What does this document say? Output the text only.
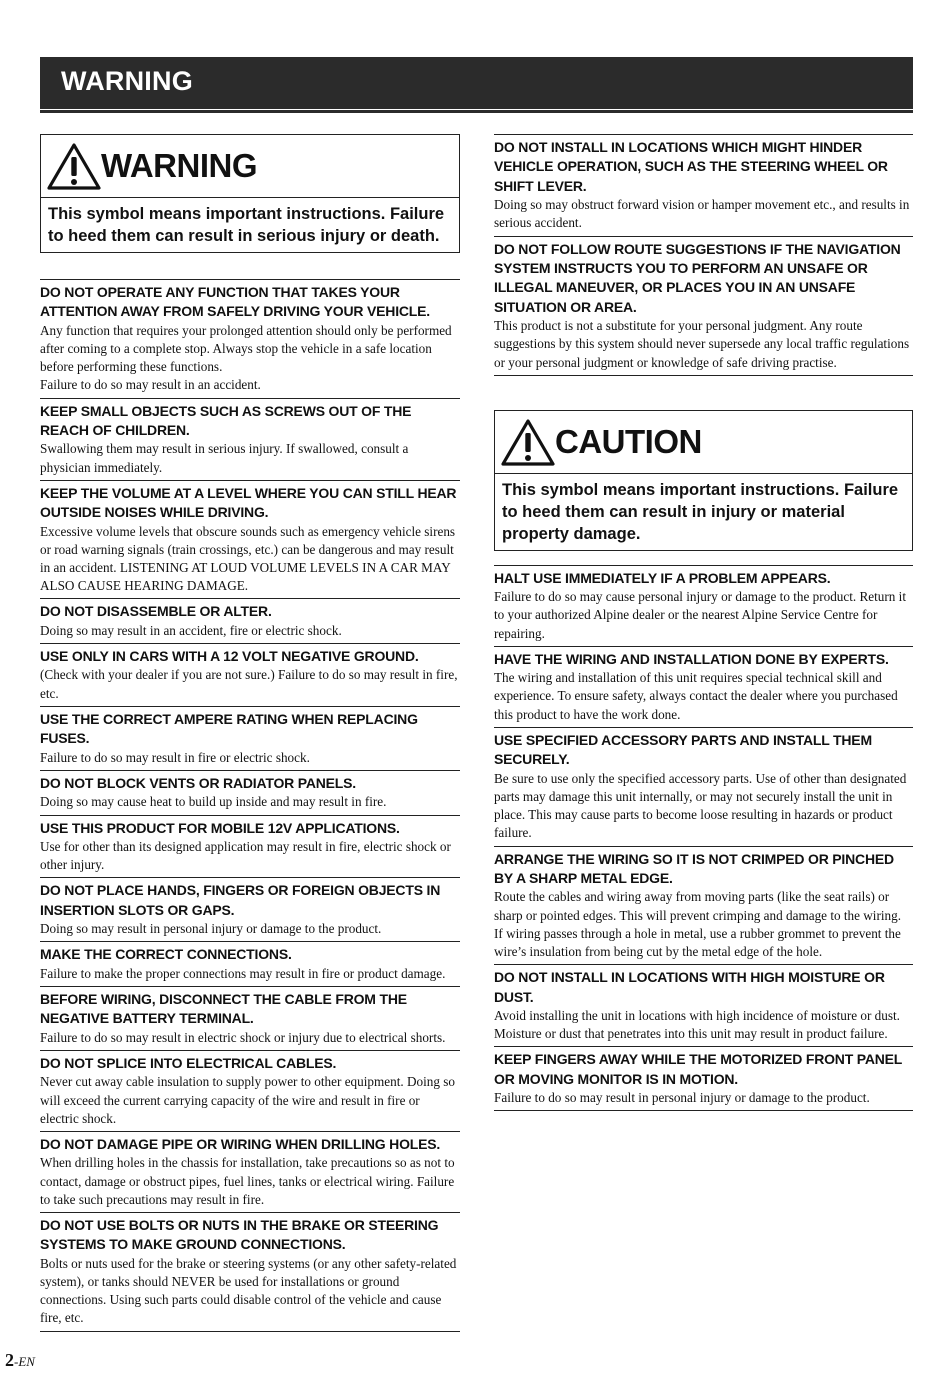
WARNING
WARNING
This symbol means important instructions. Failure to heed them can result in serious injury or death.
DO NOT OPERATE ANY FUNCTION THAT TAKES YOUR ATTENTION AWAY FROM SAFELY DRIVING YOUR VEHICLE.

Any function that requires your prolonged attention should only be performed after coming to a complete stop. Always stop the vehicle in a safe location before performing these functions.
Failure to do so may result in an accident.

KEEP SMALL OBJECTS SUCH AS SCREWS OUT OF THE REACH OF CHILDREN.

Swallowing them may result in serious injury. If swallowed, consult a physician immediately.

KEEP THE VOLUME AT A LEVEL WHERE YOU CAN STILL HEAR OUTSIDE NOISES WHILE DRIVING.

Excessive volume levels that obscure sounds such as emergency vehicle sirens or road warning signals (train crossings, etc.) can be dangerous and may result in an accident. LISTENING AT LOUD VOLUME LEVELS IN A CAR MAY ALSO CAUSE HEARING DAMAGE.

DO NOT DISASSEMBLE OR ALTER.

Doing so may result in an accident, fire or electric shock.

USE ONLY IN CARS WITH A 12 VOLT NEGATIVE GROUND.

(Check with your dealer if you are not sure.) Failure to do so may result in fire, etc.

USE THE CORRECT AMPERE RATING WHEN REPLACING FUSES.

Failure to do so may result in fire or electric shock.

DO NOT BLOCK VENTS OR RADIATOR PANELS.

Doing so may cause heat to build up inside and may result in fire.

USE THIS PRODUCT FOR MOBILE 12V APPLICATIONS.

Use for other than its designed application may result in fire, electric shock or other injury.

DO NOT PLACE HANDS, FINGERS OR FOREIGN OBJECTS IN INSERTION SLOTS OR GAPS.

Doing so may result in personal injury or damage to the product.

MAKE THE CORRECT CONNECTIONS.

Failure to make the proper connections may result in fire or product damage.

BEFORE WIRING, DISCONNECT THE CABLE FROM THE NEGATIVE BATTERY TERMINAL.

Failure to do so may result in electric shock or injury due to electrical shorts.

DO NOT SPLICE INTO ELECTRICAL CABLES.

Never cut away cable insulation to supply power to other equipment. Doing so will exceed the current carrying capacity of the wire and result in fire or electric shock.

DO NOT DAMAGE PIPE OR WIRING WHEN DRILLING HOLES.

When drilling holes in the chassis for installation, take precautions so as not to contact, damage or obstruct pipes, fuel lines, tanks or electrical wiring. Failure to take such precautions may result in fire.

DO NOT USE BOLTS OR NUTS IN THE BRAKE OR STEERING SYSTEMS TO MAKE GROUND CONNECTIONS.

Bolts or nuts used for the brake or steering systems (or any other safety-related system), or tanks should NEVER be used for installations or ground connections. Using such parts could disable control of the vehicle and cause fire, etc.

DO NOT INSTALL IN LOCATIONS WHICH MIGHT HINDER VEHICLE OPERATION, SUCH AS THE STEERING WHEEL OR SHIFT LEVER.

Doing so may obstruct forward vision or hamper movement etc., and results in serious accident.

DO NOT FOLLOW ROUTE SUGGESTIONS IF THE NAVIGATION SYSTEM INSTRUCTS YOU TO PERFORM AN UNSAFE OR ILLEGAL MANEUVER, OR PLACES YOU IN AN UNSAFE SITUATION OR AREA.

This product is not a substitute for your personal judgment. Any route suggestions by this system should never supersede any local traffic regulations or your personal judgment or knowledge of safe driving practise.

CAUTION
This symbol means important instructions. Failure to heed them can result in injury or material property damage.
HALT USE IMMEDIATELY IF A PROBLEM APPEARS.

Failure to do so may cause personal injury or damage to the product. Return it to your authorized Alpine dealer or the nearest Alpine Service Centre for repairing.

HAVE THE WIRING AND INSTALLATION DONE BY EXPERTS.

The wiring and installation of this unit requires special technical skill and experience. To ensure safety, always contact the dealer where you purchased this product to have the work done.

USE SPECIFIED ACCESSORY PARTS AND INSTALL THEM SECURELY.

Be sure to use only the specified accessory parts. Use of other than designated parts may damage this unit internally, or may not securely install the unit in place. This may cause parts to become loose resulting in hazards or product failure.

ARRANGE THE WIRING SO IT IS NOT CRIMPED OR PINCHED BY A SHARP METAL EDGE.

Route the cables and wiring away from moving parts (like the seat rails) or sharp or pointed edges. This will prevent crimping and damage to the wiring. If wiring passes through a hole in metal, use a rubber grommet to prevent the wire’s insulation from being cut by the metal edge of the hole.

DO NOT INSTALL IN LOCATIONS WITH HIGH MOISTURE OR DUST.

Avoid installing the unit in locations with high incidence of moisture or dust. Moisture or dust that penetrates into this unit may result in product failure.

KEEP FINGERS AWAY WHILE THE MOTORIZED FRONT PANEL OR MOVING MONITOR IS IN MOTION.

Failure to do so may result in personal injury or damage to the product.

2-EN
